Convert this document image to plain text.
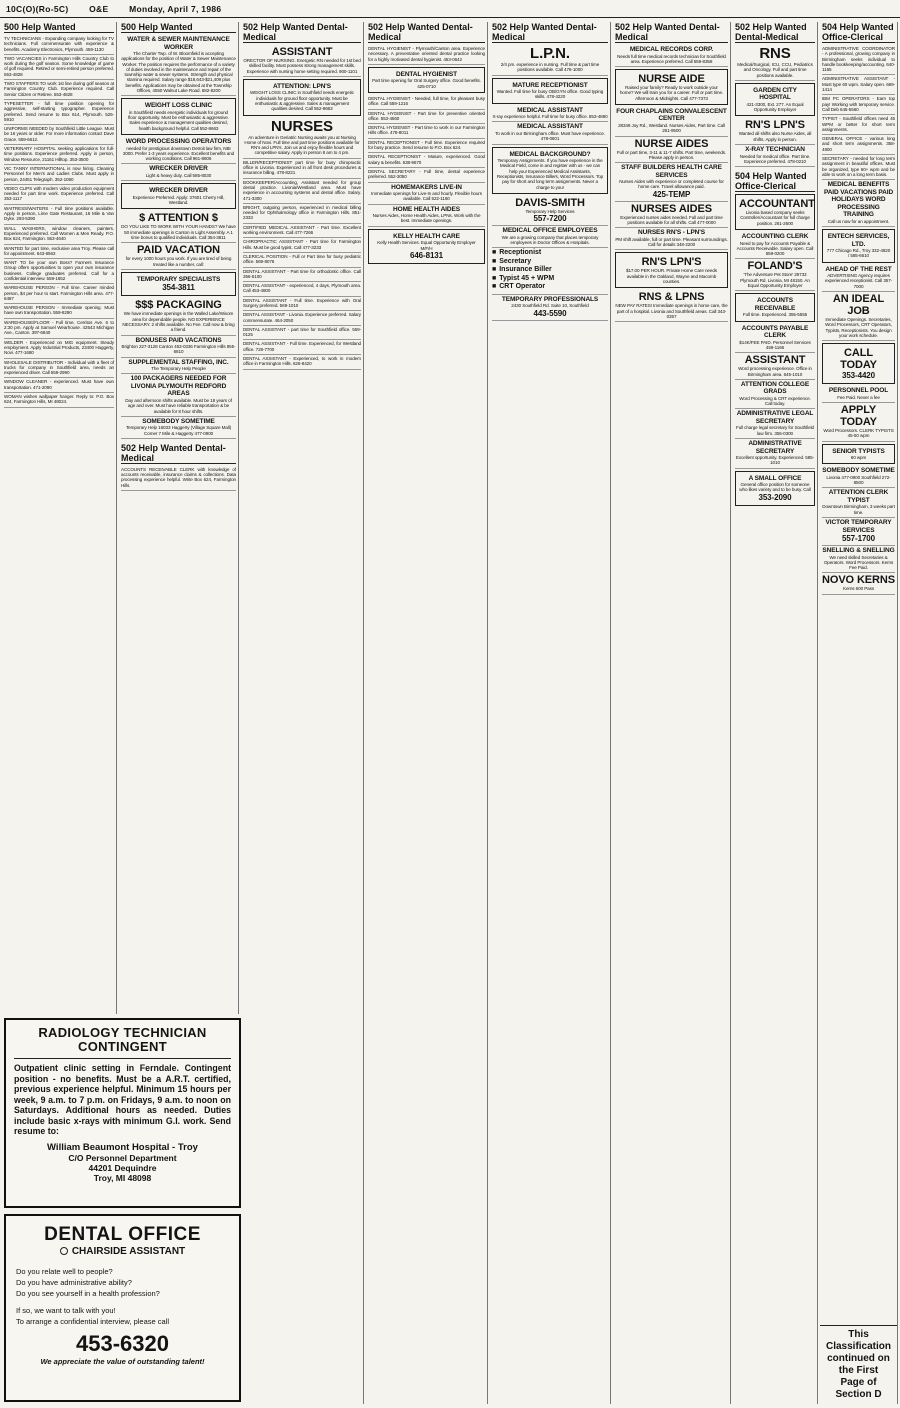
10C(O)(Ro-5C) O&E Monday, April 7, 1986
500 Help Wanted

TV TECHNICIANS - Expanding company looking for TV technicians. Full commensurate with experience & benefits. Academy Electronics, Plymouth. 459-1130

TWO VACANCIES in Farmington Hills Country Club to work during the golf season. Some knowledge of game of golf required. Retired or semi-retired person preferred. 553-4828

TWO STAFFERS TO work 1st line during golf season at Farmington Country Club. Experience required. Call Senior Citizen or Retiree. 553-4828

TYPESETTER - full time position opening for aggressive, self-starting typographer. Experience preferred. Send resume to Box 614, Plymouth. 525-5910

UNIFORMS NEEDED by Southfield Little League. Must be 16 years or older. For more information contact Dave Grace. 559-6612.

VETERINARY HOSPITAL seeking applications for full-time positions. Experience preferred. Apply in person, Window Resource, 21161 Hilltop. 353-3500

VIC TANNY INTERNATIONAL is now hiring. Cleaning Personnel for Men's and Ladies Clubs. Must apply in person, 24451 Telegraph. 352-1080

VIDEO CLIPS with modern video production equipment needed for part time work. Experience preferred. Call 353-1117

WAITRESS/WAITERS - Full time positions available. Apply in person, Lime Gate Restaurant, 16 Mile & Van Dyke. 293-5390

WALL WASHERS, window cleaners, painters. Experienced preferred. Call Women & Men Ready. P.O. Box 624, Farmington. 553-4640

WANTED for part time, exclusive area Troy. Please call for appointment. 643-6563

WANT TO be your own Boss? Farmers Insurance Group offers opportunities to open your own insurance business. College graduates preferred. Call for a confidential interview. 559-1652

WAREHOUSE PERSON - Full time. Career minded person, $4 per hour to start. Farmington Hills area. 477-6487

WAREHOUSE PERSON - Immediate opening. Must have own transportation. 559-8290

WAREHOUSE/FLOOR - Full time, Cerritos Ave. 6 to 2:30 pm. Apply at Samuel Wearhouse. 42543 Michigan Ave., Canton. 397-6840

WELDER - Experienced on MIG equipment. Steady employment. Apply Industrial Products, 23400 Haggerty, Novi. 477-1680

WHOLESALE DISTRIBUTOR - Individual with a fleet of trucks for company in Southfield area, needs an experienced driver. Call 559-2990

WINDOW CLEANER - experienced. Must have own transportation. 471-2090

WOMAN wishes wallpaper hanger. Reply to: P.O. Box 624, Farmington Hills, MI 48024.

500 Help Wanted

WATER & SEWER MAINTENANCE WORKER

The Charter Twp. of W. Bloomfield is accepting applications for the position of Water & Sewer Maintenance Worker. The position requires the performance of a variety of duties involved in the maintenance and repair of the township water & sewer systems. Strength and physical stamina required. Salary range $18,643-$21,409 plus benefits. Applications may be obtained at the Township Offices, 4550 Walnut Lake Road. 682-8200

WEIGHT LOSS CLINIC

in Southfield needs energetic individuals for ground floor opportunity. Must be enthusiastic & aggressive. Sales experience & management qualities desired, health background helpful. Call 552-8663

WORD PROCESSING OPERATORS

needed for prestigious downtown Detroit law firm, NBI 3000. Prefer 1-3 years experience. Excellent benefits and working conditions. Call 961-8606

WRECKER DRIVER

Light & heavy duty. Call 585-8030

WRECKER DRIVER

Experience Preferred. Apply: 37601 Cherry Hill, Westland.

$ ATTENTION $

DO YOU LIKE TO WORK WITH YOUR HANDS? We have 50 immediate openings in Canton in Light Assembly. A 1 time bonus to qualified individuals. Call 354-3811

PAID VACATION

for every 1000 hours you work. If you are tired of being treated like a number, call:

TEMPORARY SPECIALISTS

354-3811

$$$ PACKAGING

We have immediate openings in the Walled Lake/Wixom area for dependable people. NO EXPERIENCE NECESSARY. 2 shifts available. No Fee. Call now & bring a friend.

BONUSES PAID VACATIONS

Brighton 227-3128 Canton 453-0336 Farmington Hills 855-6810

SUPPLEMENTAL STAFFING, INC.

The Temporary Help People

100 PACKAGERS NEEDED FOR LIVONIA PLYMOUTH REDFORD AREAS

Day and afternoon shifts available. Must be 18 years of age and over. Must have reliable transportation & be available for 8 hour shifts.

SOMEBODY SOMETIME

Temporary Help 16033 Haggerty (Village Square Mall) Corner 7 Mile & Haggerty 477-0900

502 Help Wanted Dental-Medical

ACCOUNTS RECEIVABLE CLERK with knowledge of accounts receivable, insurance claims & collections. Data processing experience helpful. Write Box 624, Farmington Hills.

502 Help Wanted Dental-Medical

ASSISTANT

ORECTOR OF NURSING. Energetic RN needed for 1st bed skilled facility. Must possess strong management skills. Experience with nursing home setting required. 900-1101

ATTENTION: LPN'S

WEIGHT LOSS CLINIC in Southfield needs energetic individuals for ground floor opportunity. Must be enthusiastic & aggressive. Sales & management qualities desired. Call 552-8663

NURSES

An adventure in Geriatric Nursing awaits you at Nursing Home of Novi. Full time and part time positions available for RN's and LPN's. Join us and enjoy flexible hours and competitive salary. Apply in person 8 am to 4 pm.

BILLER/RECEPTIONIST part time for busy chiropractic office in Livonia. Experienced in all front desk procedures & insurance billing. 478-8221

BOOKKEEPER/Accounting, Assistant needed for group dental practice. Livonia/Westland area. Must have experience in accounting systems and dental office. Salary. 471-3300

BRIGHT, outgoing person, experienced in medical billing needed for Ophthalmology office in Farmington Hills. 851-2333

CERTIFIED MEDICAL ASSISTANT - Part time. Excellent working environment. Call 477-7266

CHIROPRACTIC ASSISTANT - Part time for Farmington Hills. Must be good typist. Call 477-3233

CLERICAL POSITION - Full or Part time for busy pediatric office. 569-8076

DENTAL ASSISTANT - Part time for orthodontic office. Call 356-5100

DENTAL ASSISTANT - experienced, 4 days, Plymouth area. Call 453-4800

DENTAL ASSISTANT - Full time. Experience with Oral Surgery preferred. 569-1010

DENTAL ASSISTANT - Livonia. Experience preferred. Salary commensurate. 464-2050

DENTAL ASSISTANT - part time for Southfield office. 559-0125

DENTAL ASSISTANT - Full time. Experienced, for Westland office. 729-7700

DENTAL ASSISTANT - Experienced, to work in modern office in Farmington Hills. 626-8420

502 Help Wanted Dental-Medical

DENTAL HYGIENIST - Plymouth/Canton area. Experience necessary. A preventative oriented dental practice looking for a highly motivated dental hygienist. 453-0642

DENTAL HYGIENIST

Part time opening for Oral Surgery office. Good benefits. 425-0710

DENTAL HYGIENIST - Needed, full time, for pleasant busy office. Call 559-1216

DENTAL HYGIENIST - Part time for preventive oriented office. 553-4560

DENTAL HYGIENIST - Part time to work in our Farmington Hills office. 478-8011

DENTAL RECEPTIONIST - Full time. Experience required for busy practice. Send resume to P.O. Box 624.

DENTAL RECEPTIONIST - Mature, experienced. Good salary & benefits. 538-9670

DENTAL SECRETARY - Full time, dental experience preferred. 552-3050

HOMEMAKERS LIVE-IN

Immediate openings for Live-In and hourly. Flexible hours available. Call 522-1160

HOME HEALTH AIDES

Nurses Aides, Home Health Aides, LPNs. Work with the best. Immediate openings.

KELLY HEALTH CARE

Kelly Health Services. Equal Opportunity Employer M/F/H

646-8131

502 Help Wanted Dental-Medical

L.P.N.

2/4 pm. experience in nursing. Full time & part time positions available. Call 476-1000

MATURE RECEPTIONIST

Wanted. Full time for busy OB/GYN office. Good typing skills. 478-4220

MEDICAL ASSISTANT

X-ray experience helpful. Full time for busy office. 853-4880

MEDICAL ASSISTANT

To work in our Birmingham office. Must have experience. 478-0601

MEDICAL BACKGROUND?

Temporary Assignments. If you have experience in the Medical Field, come in and register with us - we can help you! Experienced Medical Assistants, Receptionists, Insurance Billers, Word Processors. Top pay for short and long term assignments. Never a charge to you!

DAVIS-SMITH

Temporary Help Services

557-7200

MEDICAL OFFICE EMPLOYEES

We are a growing company that places temporary employees in Doctor Offices & Hospitals.

■ Receptionist
■ Secretary
■ Insurance Biller
■ Typist 45 + WPM
■ CRT Operator

TEMPORARY PROFESSIONALS

2430 Southfield Rd. Suite 10, Southfield

443-5590

502 Help Wanted Dental-Medical

MEDICAL RECORDS CORP.

Needs full time medical records technician for Southfield area. Experience preferred. Call 559-8358

NURSE AIDE

Raised your family? Ready to work outside your home? We will train you for a career. Full or part time. Afternoon & Midnights. Call 477-7373

FOUR CHAPLAINS CONVALESCENT CENTER

28349 Joy Rd., Westland. Nurses Aides, Part time. Call 261-9500

NURSE AIDES

Full or part time, 3-11 & 11-7 shifts. Part time, weekends. Please apply in person.

STAFF BUILDERS HEALTH CARE SERVICES

Nurses Aides with experience or completed course for home care. Travel allowance paid.

425-TEMP

NURSES AIDES

Experienced nurses aides needed. Full and part time positions available for all shifts. Call 477-0000

NURSES RN'S - LPN'S

PM shift available, full or part time. Pleasant surroundings. Call for details 348-2200

RN'S LPN'S

$17.00 PER HOUR. Private Home Care needs available in the Oakland, Wayne and Macomb counties.

RNS & LPNS

NEW PAY RATES! Immediate openings in home care, the part of a hospital. Livonia and Southfield areas. Call 343-0357

502 Help Wanted Dental-Medical

RNS

Medical/Surgical, ICU, CCU, Pediatrics and Oncology. Full and part time positions available.

GARDEN CITY HOSPITAL

421-3300, Ext. 277. An Equal Opportunity Employer

RN'S LPN'S

Wanted all shifts also Nurse Aides, all shifts. Apply in person.

X-RAY TECHNICIAN

Needed for medical office. Part time. Experience preferred. 478-0210

504 Help Wanted Office-Clerical

ACCOUNTANT

Livonia based company seeks Controller/Accountant for full charge position. 261-2600

ACCOUNTING CLERK

Need to pay for Accounts Payable & Accounts Receivable. Salary open. Call 559-0200

FOLAND'S

'The Adventure Pet Store' 29733 Plymouth Rd. Livonia, MI 48150. An Equal Opportunity Employer

ACCOUNTS RECEIVABLE

Full time. Experienced. 355-5555

ACCOUNTS PAYABLE CLERK

$14K/FEE PAID. Personnel Services 459-1166

ASSISTANT

Word processing experience. Office in Birmingham area. 645-1010

ATTENTION COLLEGE GRADS

Word Processing & CRT experience. Call today.

ADMINISTRATIVE LEGAL SECRETARY

Full charge legal secretary for Southfield law firm. 355-0300

ADMINISTRATIVE SECRETARY

Excellent opportunity. Experienced. 585-1010

A SMALL OFFICE

General office position for someone who likes variety and to be busy. Call

353-2090

504 Help Wanted Office-Clerical

ADMINISTRATIVE COORDINATOR - A professional, growing company in Birmingham seeks individual to handle bookkeeping/accounting. 640-1155

ADMINISTRATIVE ASSISTANT - Must type 60 wpm. Salary open. 669-1414

IBM PC OPERATORS - Earn top pay! Working with temporary service. Call Deb 645-5560

TYPIST - Southfield offices need 45 WPM or better for short term assignments.

GENERAL OFFICE - various long and short term assignments. 358-4800

SECRETARY - needed for long term assignment in beautiful offices. Must be organized, type 60+ wpm and be able to work on a long term basis.

MEDICAL BENEFITS PAID VACATIONS PAID HOLIDAYS WORD PROCESSING TRAINING

Call us now for an appointment.

ENTECH SERVICES, LTD.

777 Chicago Rd., Troy 332-4820 / 585-6610

AHEAD OF THE REST

ADVERTISING Agency requires experienced receptionist. Call 357-7000

AN IDEAL JOB

Immediate Openings. Secretaries, Word Processors, CRT Operators, Typists, Receptionists. You design your work schedule.

CALL TODAY

353-4420

PERSONNEL POOL

Fee Paid. Never a fee

APPLY TODAY

Word Processors. CLERK TYPISTS 45-50 wpm

SENIOR TYPISTS

60 wpm

SOMEBODY SOMETIME

Livonia 477-0900 Southfield 272-8500

ATTENTION CLERK TYPIST

Downtown Birmingham, 3 weeks part time.

VICTOR TEMPORARY SERVICES

557-1700

SNELLING & SNELLING

We need skilled Secretaries & Operators. Word Processors. Kerns Fee Paid.

NOVO KERNS

Kerns 600 Pass

This Classification
continued on the First
Page of Section D
RADIOLOGY TECHNICIAN CONTINGENT

Outpatient clinic setting in Ferndale. Contingent position - no benefits. Must be a A.R.T. certified, previous experience helpful. Minimum 15 hours per week, 9 a.m. to 7 p.m. on Fridays, 9 a.m. to noon on Saturdays. Additional hours as needed. Duties include basic x-rays with minimum G.I. work. Send resume to:

William Beaumont Hospital - Troy

C/O Personnel Department

44201 Dequindre

Troy, MI 48098

DENTAL OFFICE
CHAIRSIDE ASSISTANT

Do you relate well to people?

Do you have administrative ability?

Do you see yourself in a health profession?

If so, we want to talk with you!

To arrange a confidential interview, please call

453-6320

We appreciate the value of outstanding talent!
